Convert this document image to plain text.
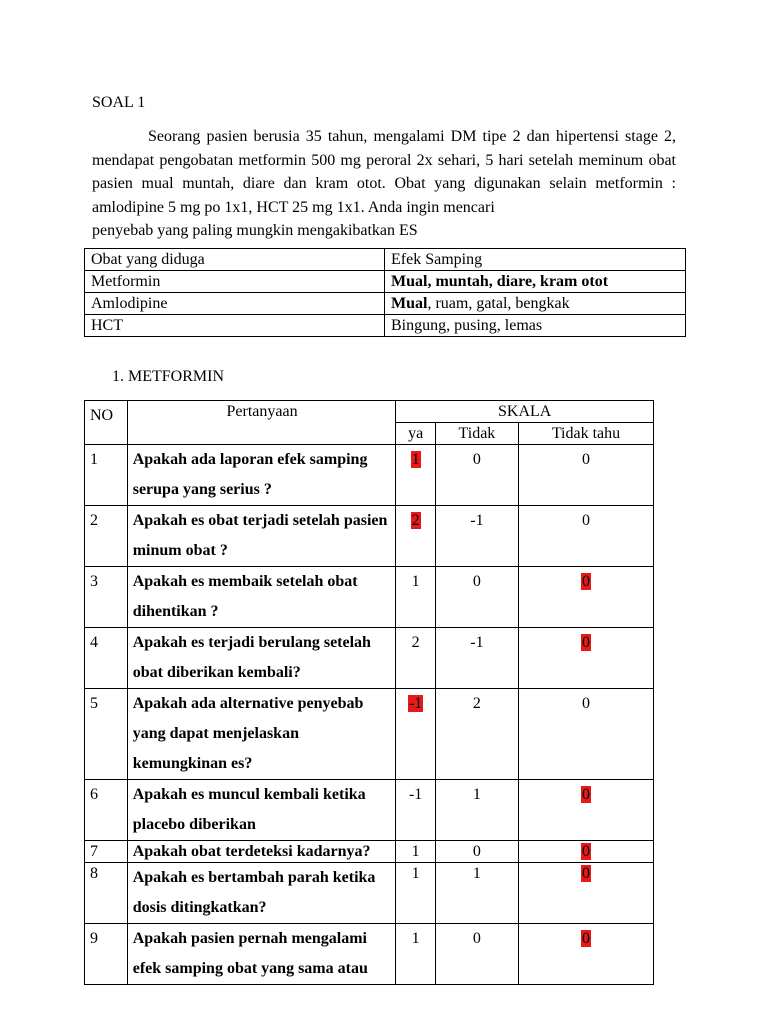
SOAL 1
Seorang pasien berusia 35 tahun, mengalami DM tipe 2 dan hipertensi stage 2, mendapat pengobatan metformin 500 mg peroral 2x sehari, 5 hari setelah meminum obat pasien mual muntah, diare dan kram otot. Obat yang digunakan selain metformin : amlodipine 5 mg po 1x1, HCT 25 mg 1x1. Anda ingin mencari
penyebab yang paling mungkin mengakibatkan ES
Obat yang diduga	Efek Samping
Metformin	Mual, muntah, diare, kram otot
Amlodipine	Mual, ruam, gatal, bengkak
HCT	Bingung, pusing, lemas
1. METFORMIN
NO	Pertanyaan	SKALA		
		ya	Tidak	Tidak tahu
1	Apakah ada laporan efek samping serupa yang serius ?	1	0	0
2	Apakah es obat terjadi setelah pasien minum obat ?	2	-1	0
3	Apakah es membaik setelah obat dihentikan ?	1	0	0
4	Apakah es terjadi berulang setelah obat diberikan kembali?	2	-1	0
5	Apakah ada alternative penyebab yang dapat menjelaskan kemungkinan es?	-1	2	0
6	Apakah es muncul kembali ketika placebo diberikan	-1	1	0
7	Apakah obat terdeteksi kadarnya?	1	0	0
8	Apakah es bertambah parah ketika dosis ditingkatkan?	1	1	0
9	Apakah pasien pernah mengalami efek samping obat yang sama atau	1	0	0
